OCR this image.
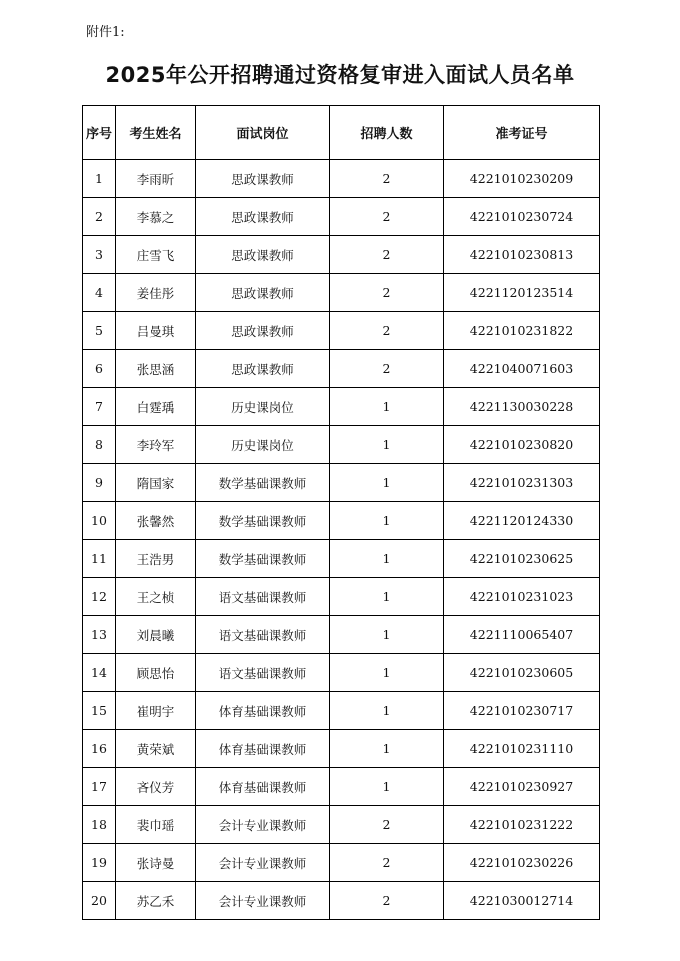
附件1:
2025年公开招聘通过资格复审进入面试人员名单
序号	考生姓名	面试岗位	招聘人数	准考证号
1	李雨昕	思政课教师	2	4221010230209
2	李慕之	思政课教师	2	4221010230724
3	庄雪飞	思政课教师	2	4221010230813
4	姜佳彤	思政课教师	2	4221120123514
5	吕曼琪	思政课教师	2	4221010231822
6	张思涵	思政课教师	2	4221040071603
7	白霆瑀	历史课岗位	1	4221130030228
8	李玲军	历史课岗位	1	4221010230820
9	隋国家	数学基础课教师	1	4221010231303
10	张馨然	数学基础课教师	1	4221120124330
11	王浩男	数学基础课教师	1	4221010230625
12	王之桢	语文基础课教师	1	4221010231023
13	刘晨曦	语文基础课教师	1	4221110065407
14	顾思怡	语文基础课教师	1	4221010230605
15	崔明宇	体育基础课教师	1	4221010230717
16	黄荣斌	体育基础课教师	1	4221010231110
17	吝仪芳	体育基础课教师	1	4221010230927
18	裴巾瑶	会计专业课教师	2	4221010231222
19	张诗曼	会计专业课教师	2	4221010230226
20	苏乙禾	会计专业课教师	2	4221030012714
